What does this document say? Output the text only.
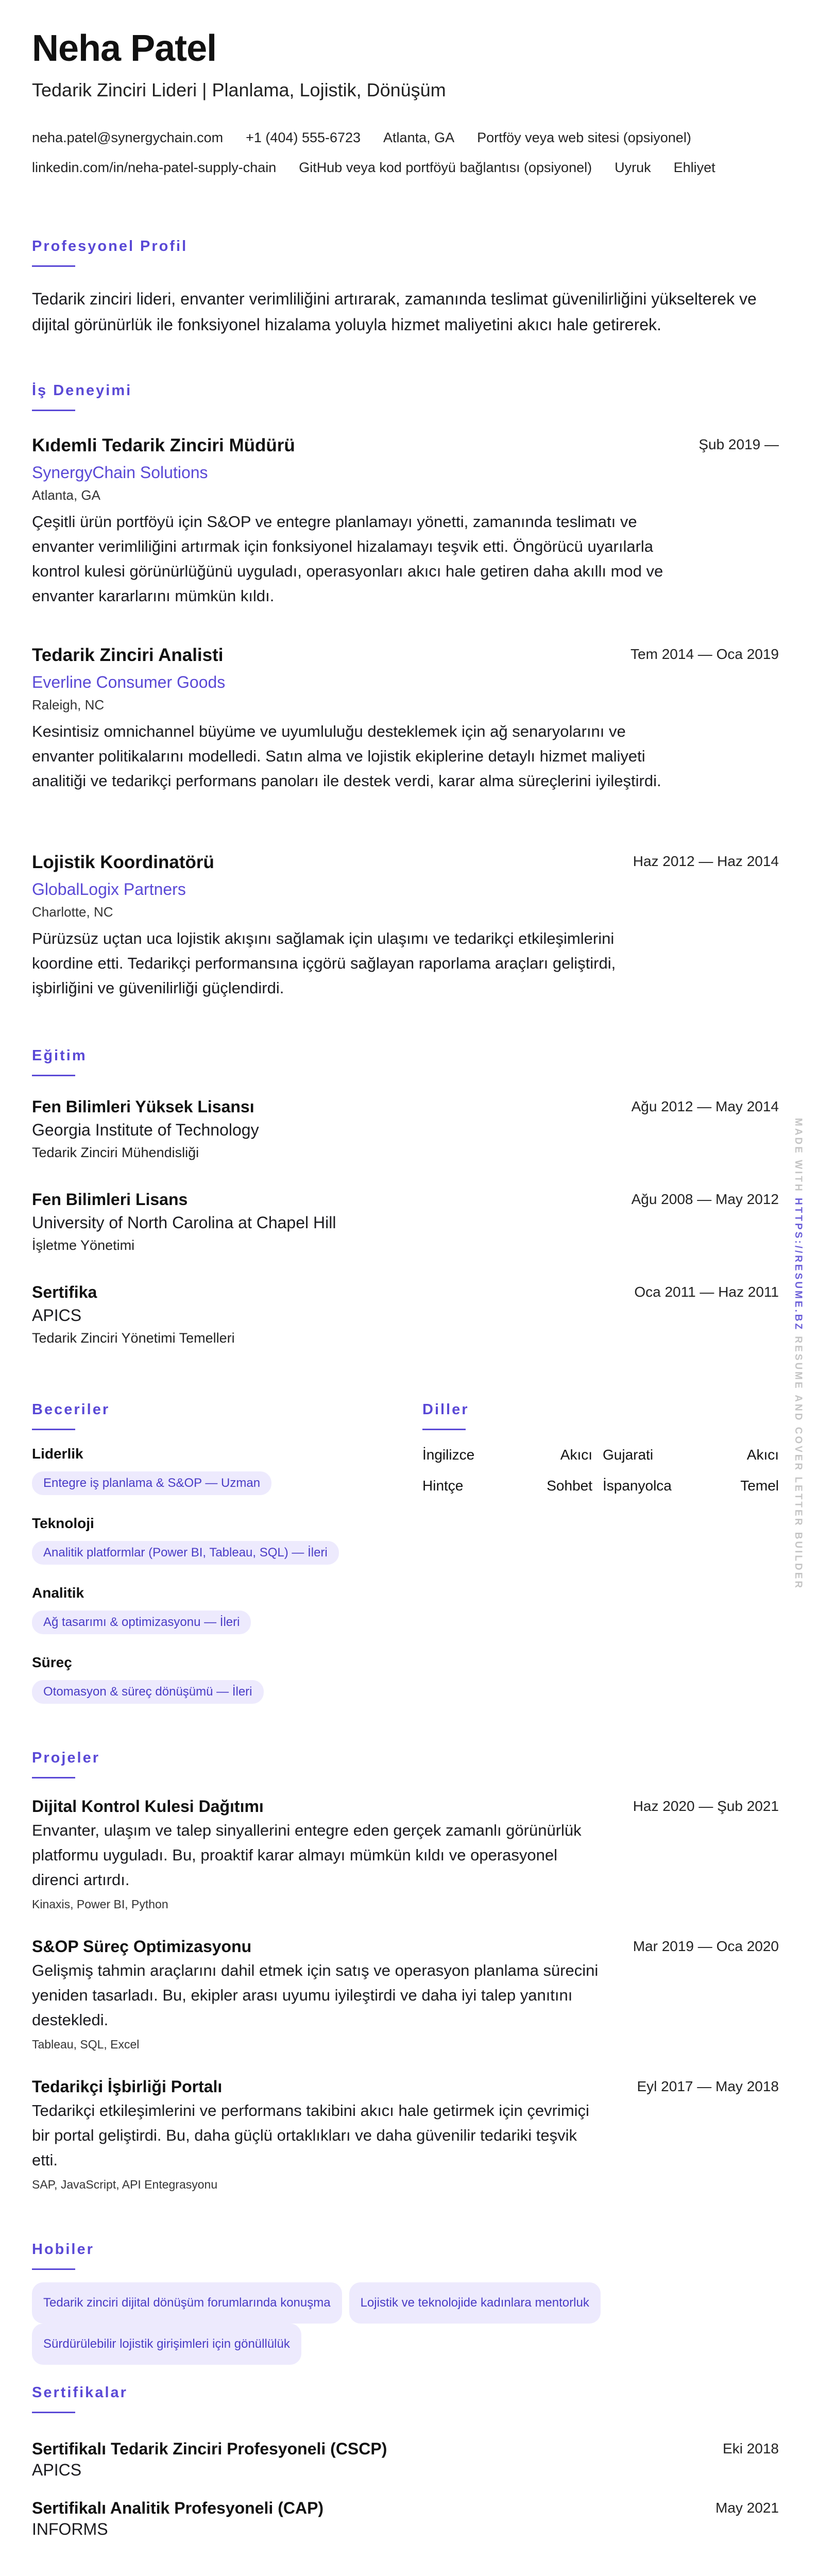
Neha Patel
Tedarik Zinciri Lideri | Planlama, Lojistik, Dönüşüm
neha.patel@synergychain.com +1 (404) 555-6723 Atlanta, GA Portföy veya web sitesi (opsiyonel)linkedin.com/in/neha-patel-supply-chain GitHub veya kod portföyü bağlantısı (opsiyonel) Uyruk Ehliyet
Profesyonel Profil
Tedarik zinciri lideri, envanter verimliliğini artırarak, zamanında teslimat güvenilirliğini yükselterek ve dijital görünürlük ile fonksiyonel hizalama yoluyla hizmet maliyetini akıcı hale getirerek.
İş Deneyimi
Kıdemli Tedarik Zinciri Müdürü	Şub 2019 —
SynergyChain Solutions
Atlanta, GA
Çeşitli ürün portföyü için S&OP ve entegre planlamayı yönetti, zamanında teslimatı ve envanter verimliliğini artırmak için fonksiyonel hizalamayı teşvik etti. Öngörücü uyarılarla kontrol kulesi görünürlüğünü uyguladı, operasyonları akıcı hale getiren daha akıllı mod ve envanter kararlarını mümkün kıldı.
Tedarik Zinciri Analisti	Tem 2014 — Oca 2019
Everline Consumer Goods
Raleigh, NC
Kesintisiz omnichannel büyüme ve uyumluluğu desteklemek için ağ senaryolarını ve envanter politikalarını modelledi. Satın alma ve lojistik ekiplerine detaylı hizmet maliyeti analitiği ve tedarikçi performans panoları ile destek verdi, karar alma süreçlerini iyileştirdi.
Lojistik Koordinatörü	Haz 2012 — Haz 2014
GlobalLogix Partners
Charlotte, NC
Pürüzsüz uçtan uca lojistik akışını sağlamak için ulaşımı ve tedarikçi etkileşimlerini koordine etti. Tedarikçi performansına içgörü sağlayan raporlama araçları geliştirdi, işbirliğini ve güvenilirliği güçlendirdi.
Eğitim
Fen Bilimleri Yüksek Lisansı	Ağu 2012 — May 2014
Georgia Institute of Technology
Tedarik Zinciri Mühendisliği
Fen Bilimleri Lisans	Ağu 2008 — May 2012
University of North Carolina at Chapel Hill
İşletme Yönetimi
Sertifika	Oca 2011 — Haz 2011
APICS
Tedarik Zinciri Yönetimi Temelleri
Beceriler
Liderlik
Entegre iş planlama & S&OP — Uzman
Teknoloji
Analitik platformlar (Power BI, Tableau, SQL) — İleri
Analitik
Ağ tasarımı & optimizasyonu — İleri
Süreç
Otomasyon & süreç dönüşümü — İleri
Diller
İngilizce	Akıcı Gujarati	Akıcı
Hintçe	Sohbet İspanyolca	Temel
Projeler
Dijital Kontrol Kulesi Dağıtımı	Haz 2020 — Şub 2021
Envanter, ulaşım ve talep sinyallerini entegre eden gerçek zamanlı görünürlük platformu uyguladı. Bu, proaktif karar almayı mümkün kıldı ve operasyonel direnci artırdı.
Kinaxis, Power BI, Python
S&OP Süreç Optimizasyonu	Mar 2019 — Oca 2020
Gelişmiş tahmin araçlarını dahil etmek için satış ve operasyon planlama sürecini yeniden tasarladı. Bu, ekipler arası uyumu iyileştirdi ve daha iyi talep yanıtını destekledi.
Tableau, SQL, Excel
Tedarikçi İşbirliği Portalı	Eyl 2017 — May 2018
Tedarikçi etkileşimlerini ve performans takibini akıcı hale getirmek için çevrimiçi bir portal geliştirdi. Bu, daha güçlü ortaklıkları ve daha güvenilir tedariki teşvik etti.
SAP, JavaScript, API Entegrasyonu
Hobiler
Tedarik zinciri dijital dönüşüm forumlarında konuşma Lojistik ve teknolojide kadınlara mentorlukSürdürülebilir lojistik girişimleri için gönüllülük
Sertifikalar
Sertifikalı Tedarik Zinciri Profesyoneli (CSCP)	Eki 2018
APICS
Sertifikalı Analitik Profesyoneli (CAP)	May 2021
INFORMS
MADE WITH HTTPS://RESUME.BZ RESUME AND COVER LETTER BUILDER
